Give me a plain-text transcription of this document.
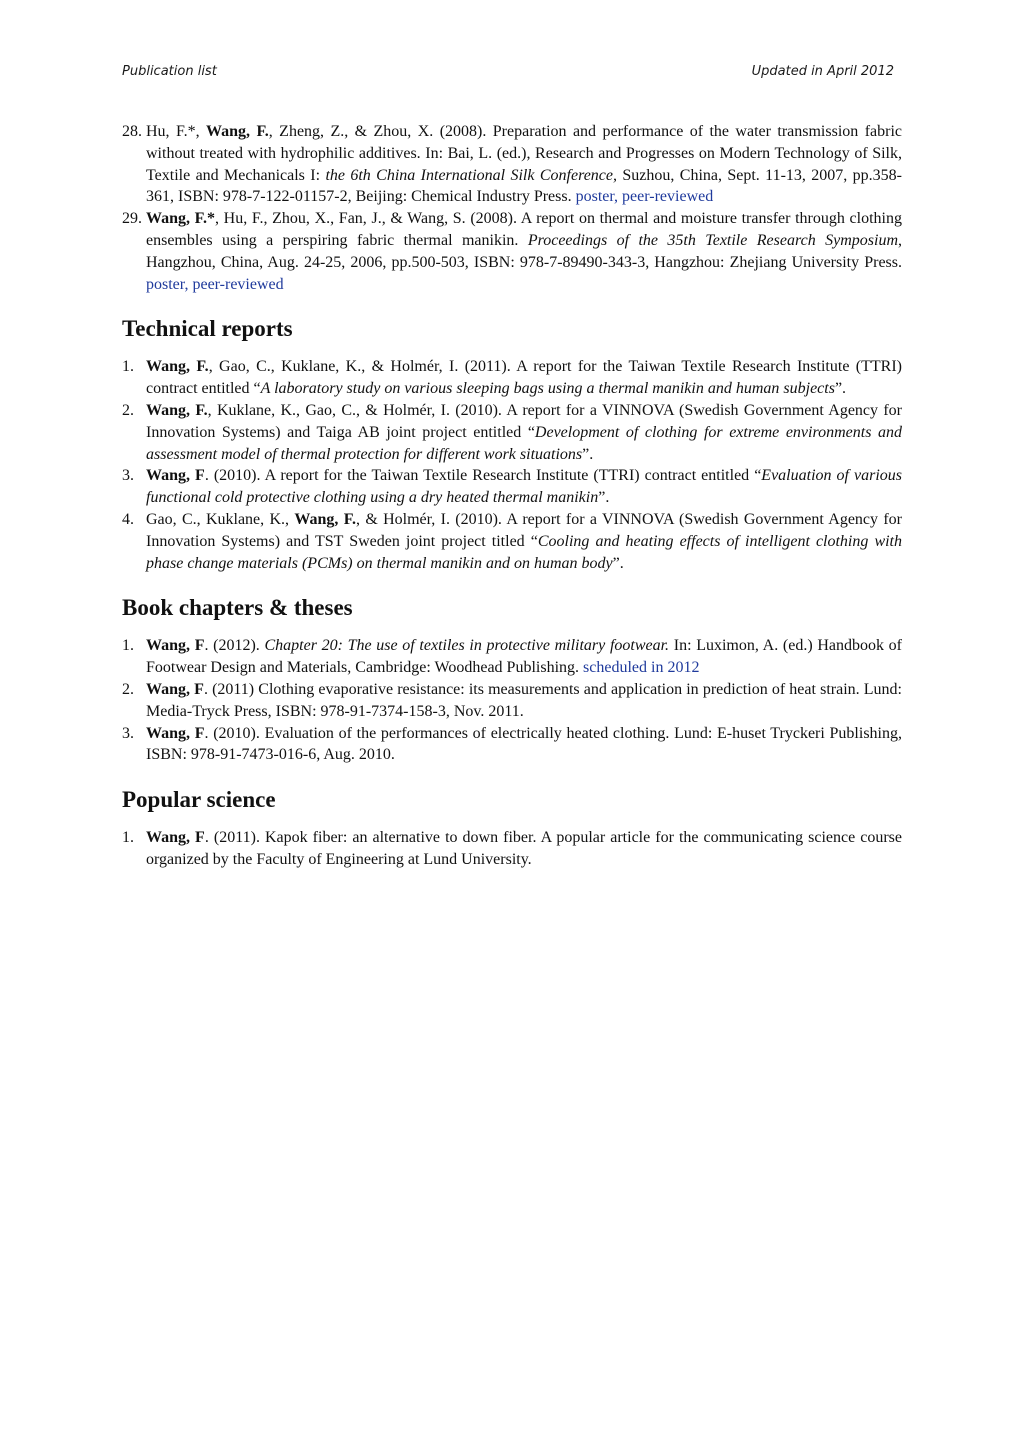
Publication list	Updated in April 2012
28. Hu, F.*, Wang, F., Zheng, Z., & Zhou, X. (2008). Preparation and performance of the water transmission fabric without treated with hydrophilic additives. In: Bai, L. (ed.), Research and Progresses on Modern Technology of Silk, Textile and Mechanicals I: the 6th China International Silk Conference, Suzhou, China, Sept. 11-13, 2007, pp.358-361, ISBN: 978-7-122-01157-2, Beijing: Chemical Industry Press. poster, peer-reviewed
29. Wang, F.*, Hu, F., Zhou, X., Fan, J., & Wang, S. (2008). A report on thermal and moisture transfer through clothing ensembles using a perspiring fabric thermal manikin. Proceedings of the 35th Textile Research Symposium, Hangzhou, China, Aug. 24-25, 2006, pp.500-503, ISBN: 978-7-89490-343-3, Hangzhou: Zhejiang University Press. poster, peer-reviewed
Technical reports
1. Wang, F., Gao, C., Kuklane, K., & Holmér, I. (2011). A report for the Taiwan Textile Research Institute (TTRI) contract entitled “A laboratory study on various sleeping bags using a thermal manikin and human subjects”.
2. Wang, F., Kuklane, K., Gao, C., & Holmér, I. (2010). A report for a VINNOVA (Swedish Government Agency for Innovation Systems) and Taiga AB joint project entitled “Development of clothing for extreme environments and assessment model of thermal protection for different work situations”.
3. Wang, F. (2010). A report for the Taiwan Textile Research Institute (TTRI) contract entitled “Evaluation of various functional cold protective clothing using a dry heated thermal manikin”.
4. Gao, C., Kuklane, K., Wang, F., & Holmér, I. (2010). A report for a VINNOVA (Swedish Government Agency for Innovation Systems) and TST Sweden joint project titled “Cooling and heating effects of intelligent clothing with phase change materials (PCMs) on thermal manikin and on human body”.
Book chapters & theses
1. Wang, F. (2012). Chapter 20: The use of textiles in protective military footwear. In: Luximon, A. (ed.) Handbook of Footwear Design and Materials, Cambridge: Woodhead Publishing. scheduled in 2012
2. Wang, F. (2011) Clothing evaporative resistance: its measurements and application in prediction of heat strain. Lund: Media-Tryck Press, ISBN: 978-91-7374-158-3, Nov. 2011.
3. Wang, F. (2010). Evaluation of the performances of electrically heated clothing. Lund: E-huset Tryckeri Publishing, ISBN: 978-91-7473-016-6, Aug. 2010.
Popular science
1. Wang, F. (2011). Kapok fiber: an alternative to down fiber. A popular article for the communicating science course organized by the Faculty of Engineering at Lund University.
